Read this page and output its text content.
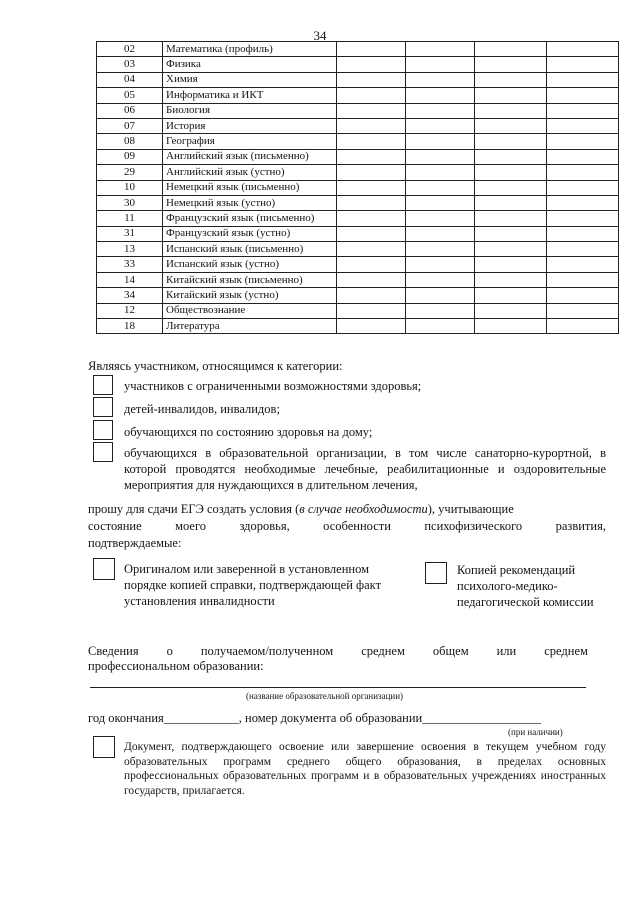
34
02	Математика (профиль)				
03	Физика				
04	Химия				
05	Информатика и ИКТ				
06	Биология				
07	История				
08	География				
09	Английский язык (письменно)				
29	Английский язык (устно)				
10	Немецкий язык (письменно)				
30	Немецкий язык (устно)				
11	Французский язык (письменно)				
31	Французский язык (устно)				
13	Испанский язык (письменно)				
33	Испанский язык (устно)				
14	Китайский язык (письменно)				
34	Китайский язык (устно)				
12	Обществознание				
18	Литература				
Являясь участником, относящимся к категории:
участников с ограниченными возможностями здоровья;
детей-инвалидов, инвалидов;
обучающихся по состоянию здоровья на дому;
обучающихся в образовательной организации, в том числе санаторно-курортной, в которой проводятся необходимые лечебные, реабилитационные и оздоровительные мероприятия для нуждающихся в длительном лечения,
прошу для сдачи ЕГЭ создать условия (в случае необходимости), учитывающие
состояние	моего	здоровья,	особенности	психофизического	развития,
подтверждаемые:
Оригиналом или заверенной в установленном порядке копией справки, подтверждающей факт установления инвалидности
Копией рекомендаций психолого-медико-педагогической комиссии
Сведения о получаемом/полученном среднем общем или среднем
профессиональном образовании:
(название образовательной организации)
год окончания____________, номер документа об образовании___________________
(при наличии)
Документ, подтверждающего освоение или завершение освоения в текущем учебном году образовательных программ среднего общего образования, в пределах основных профессиональных образовательных программ и в образовательных учреждениях иностранных государств, прилагается.
